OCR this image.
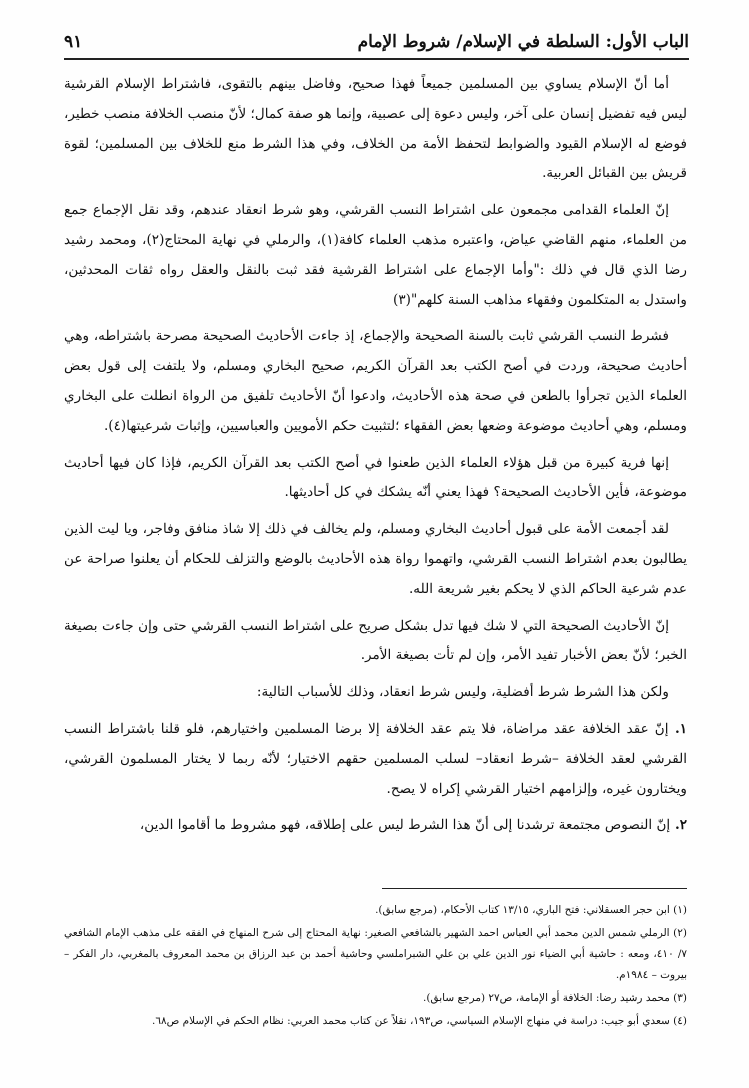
الباب الأول: السلطة في الإسلام/ شروط الإمام
٩١

أما أنّ الإسلام يساوي بين المسلمين جميعاً فهذا صحيح، وفاضل بينهم بالتقوى، فاشتراط الإسلام القرشية ليس فيه تفضيل إنسان على آخر، وليس دعوة إلى عصبية، وإنما هو صفة كمال؛ لأنّ منصب الخلافة منصب خطير، فوضع له الإسلام القيود والضوابط لتحفظ الأمة من الخلاف، وفي هذا الشرط منع للخلاف بين المسلمين؛ لقوة قريش بين القبائل العربية.

إنّ العلماء القدامى مجمعون على اشتراط النسب القرشي، وهو شرط انعقاد عندهم، وقد نقل الإجماع جمع من العلماء، منهم القاضي عياض، واعتبره مذهب العلماء كافة(١)، والرملي في نهاية المحتاج(٢)، ومحمد رشيد رضا الذي قال في ذلك :"وأما الإجماع على اشتراط القرشية فقد ثبت بالنقل والعقل رواه ثقات المحدثين، واستدل به المتكلمون وفقهاء مذاهب السنة كلهم"(٣)

فشرط النسب القرشي ثابت بالسنة الصحيحة والإجماع، إذ جاءت الأحاديث الصحيحة مصرحة باشتراطه، وهي أحاديث صحيحة، وردت في أصح الكتب بعد القرآن الكريم، صحيح البخاري ومسلم، ولا يلتفت إلى قول بعض العلماء الذين تجرأوا بالطعن في صحة هذه الأحاديث، وادعوا أنّ الأحاديث تلفيق من الرواة انطلت على البخاري ومسلم، وهي أحاديث موضوعة وضعها بعض الفقهاء ؛لتثبيت حكم الأمويين والعباسيين، وإثبات شرعيتها(٤).

إنها فرية كبيرة من قبل هؤلاء العلماء الذين طعنوا في أصح الكتب بعد القرآن الكريم، فإذا كان فيها أحاديث موضوعة، فأين الأحاديث الصحيحة؟ فهذا يعني أنّه يشكك في كل أحاديثها.

لقد أجمعت الأمة على قبول أحاديث البخاري ومسلم، ولم يخالف في ذلك إلا شاذ منافق وفاجر، ويا ليت الذين يطالبون بعدم اشتراط النسب القرشي، واتهموا رواة هذه الأحاديث بالوضع والتزلف للحكام أن يعلنوا صراحة عن عدم شرعية الحاكم الذي لا يحكم بغير شريعة الله.

إنّ الأحاديث الصحيحة التي لا شك فيها تدل بشكل صريح على اشتراط النسب القرشي حتى وإن جاءت بصيغة الخبر؛ لأنّ بعض الأخبار تفيد الأمر، وإن لم تأت بصيغة الأمر.

ولكن هذا الشرط شرط أفضلية، وليس شرط انعقاد، وذلك للأسباب التالية:

١. إنّ عقد الخلافة عقد مراضاة، فلا يتم عقد الخلافة إلا برضا المسلمين واختيارهم، فلو قلنا باشتراط النسب القرشي لعقد الخلافة –شرط انعقاد– لسلب المسلمين حقهم الاختيار؛ لأنّه ربما لا يختار المسلمون القرشي، ويختارون غيره، وإلزامهم اختيار القرشي إكراه لا يصح.

٢. إنّ النصوص مجتمعة ترشدنا إلى أنّ هذا الشرط ليس على إطلاقه، فهو مشروط ما أقاموا الدين،

(١) ابن حجر العسقلاني: فتح الباري، ١٣/١٥ كتاب الأحكام، (مرجع سابق).
(٢) الرملي شمس الدين محمد أبي العباس احمد الشهير بالشافعي الصغير: نهاية المحتاج إلى شرح المنهاج في الفقه على مذهب الإمام الشافعي ٧/ ٤١٠، ومعه : حاشية أبي الضياء نور الدين علي بن علي الشبراملسي وحاشية أحمد بن عبد الرزاق بن محمد المعروف بالمغربي، دار الفكر – بيروت – ١٩٨٤م.
(٣) محمد رشيد رضا: الخلافة أو الإمامة، ص٢٧ (مرجع سابق).
(٤) سعدي أبو جيب: دراسة في منهاج الإسلام السياسي، ص١٩٣، نقلاً عن كتاب محمد العربي: نظام الحكم في الإسلام ص٦٨.
